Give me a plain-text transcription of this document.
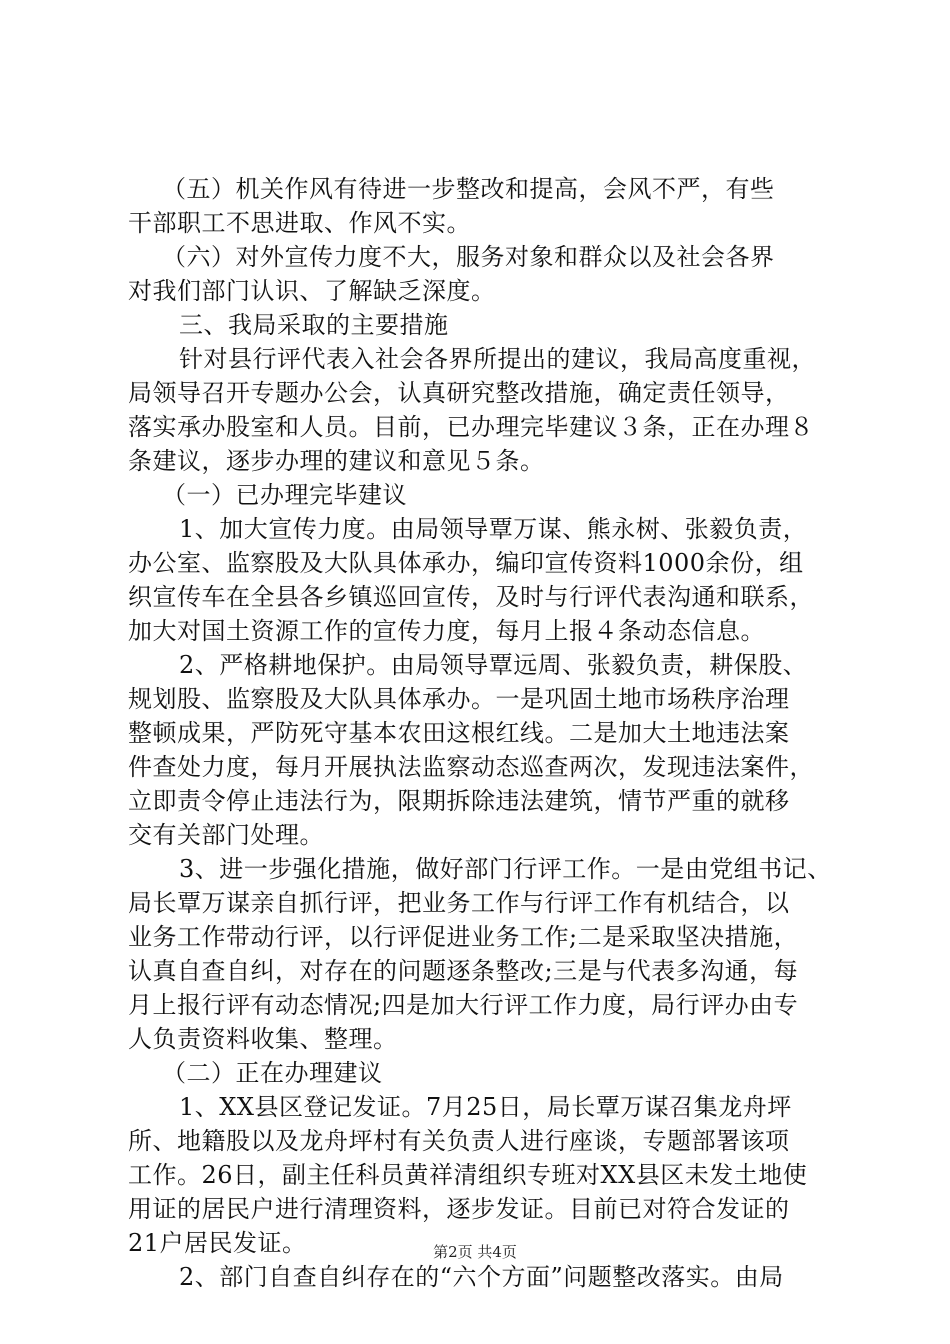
（五）机关作风有待进一步整改和提高，会风不严，有些
干部职工不思进取、作风不实。
（六）对外宣传力度不大，服务对象和群众以及社会各界
对我们部门认识、了解缺乏深度。
三、我局采取的主要措施
针对县行评代表入社会各界所提出的建议，我局高度重视，
局领导召开专题办公会，认真研究整改措施，确定责任领导，
落实承办股室和人员。目前，已办理完毕建议３条，正在办理８
条建议，逐步办理的建议和意见５条。
（一）已办理完毕建议
1、加大宣传力度。由局领导覃万谋、熊永树、张毅负责，
办公室、监察股及大队具体承办，编印宣传资料1000余份，组
织宣传车在全县各乡镇巡回宣传，及时与行评代表沟通和联系，
加大对国土资源工作的宣传力度，每月上报４条动态信息。
2、严格耕地保护。由局领导覃远周、张毅负责，耕保股、
规划股、监察股及大队具体承办。一是巩固土地市场秩序治理
整顿成果，严防死守基本农田这根红线。二是加大土地违法案
件查处力度，每月开展执法监察动态巡查两次，发现违法案件，
立即责令停止违法行为，限期拆除违法建筑，情节严重的就移
交有关部门处理。
3、进一步强化措施，做好部门行评工作。一是由党组书记、
局长覃万谋亲自抓行评，把业务工作与行评工作有机结合，以
业务工作带动行评，以行评促进业务工作;二是采取坚决措施，
认真自查自纠，对存在的问题逐条整改;三是与代表多沟通，每
月上报行评有动态情况;四是加大行评工作力度，局行评办由专
人负责资料收集、整理。
（二）正在办理建议
1、XX县区登记发证。7月25日，局长覃万谋召集龙舟坪
所、地籍股以及龙舟坪村有关负责人进行座谈，专题部署该项
工作。26日，副主任科员黄祥清组织专班对XX县区未发土地使
用证的居民户进行清理资料，逐步发证。目前已对符合发证的
21户居民发证。
2、部门自查自纠存在的“六个方面”问题整改落实。由局
第2页 共4页
